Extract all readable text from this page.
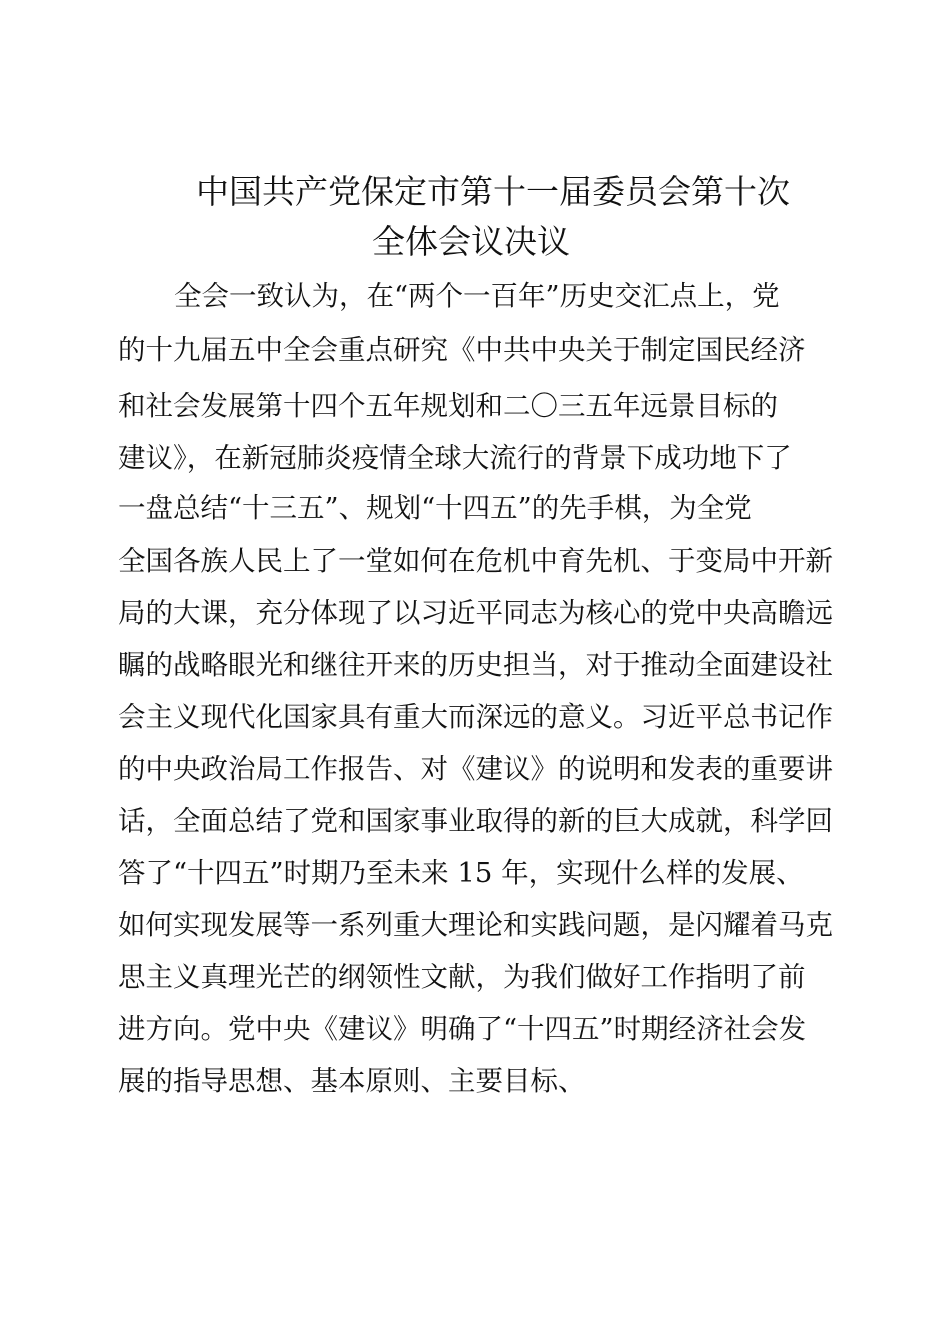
中国共产党保定市第十一届委员会第十次
全体会议决议

全会一致认为，在“两个一百年”历史交汇点上，党

的十九届五中全会重点研究《中共中央关于制定国民经济

和社会发展第十四个五年规划和二〇三五年远景目标的

建议》，在新冠肺炎疫情全球大流行的背景下成功地下了

一盘总结“十三五”、规划“十四五”的先手棋，为全党

全国各族人民上了一堂如何在危机中育先机、于变局中开新

局的大课，充分体现了以习近平同志为核心的党中央高瞻远

瞩的战略眼光和继往开来的历史担当，对于推动全面建设社

会主义现代化国家具有重大而深远的意义。习近平总书记作

的中央政治局工作报告、对《建议》的说明和发表的重要讲

话，全面总结了党和国家事业取得的新的巨大成就，科学回

答了“十四五”时期乃至未来 15 年，实现什么样的发展、

如何实现发展等一系列重大理论和实践问题，是闪耀着马克

思主义真理光芒的纲领性文献，为我们做好工作指明了前

进方向。党中央《建议》明确了“十四五”时期经济社会发

展的指导思想、基本原则、主要目标、
